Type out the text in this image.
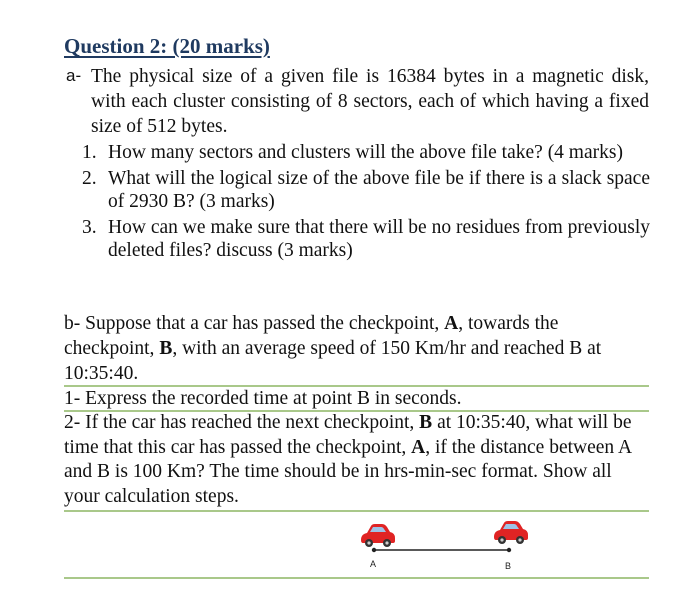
Question 2: (20 marks)
a- The physical size of a given file is 16384 bytes in a magnetic disk, with each cluster consisting of 8 sectors, each of which having a fixed size of 512 bytes.

1. How many sectors and clusters will the above file take? (4 marks)
2. What will the logical size of the above file be if there is a slack space of 2930 B? (3 marks)
3. How can we make sure that there will be no residues from previously deleted files? discuss (3 marks)

b- Suppose that a car has passed the checkpoint, A, towards the checkpoint, B, with an average speed of 150 Km/hr and reached B at 10:35:40.

1- Express the recorded time at point B in seconds.

2- If the car has reached the next checkpoint, B at 10:35:40, what will be time that this car has passed the checkpoint, A, if the distance between A and B is 100 Km? The time should be in hrs-min-sec format. Show all your calculation steps.

A	B
